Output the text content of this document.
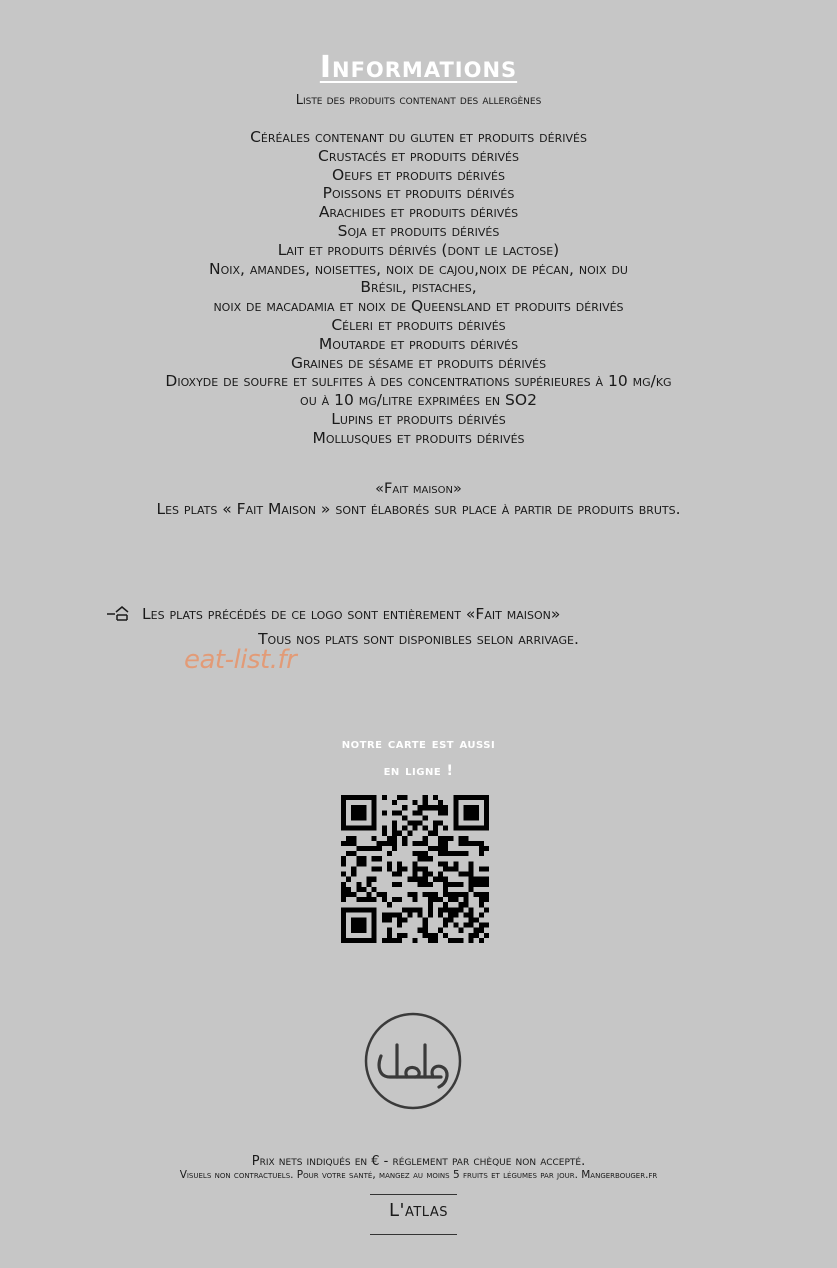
Informations
Liste des produits contenant des allergènes
Céréales contenant du gluten et produits dérivés
Crustacés et produits dérivés
Oeufs et produits dérivés
Poissons et produits dérivés
Arachides et produits dérivés
Soja et produits dérivés
Lait et produits dérivés (dont le lactose)
Noix, amandes, noisettes, noix de cajou,noix de pécan, noix du
Brésil, pistaches,
noix de macadamia et noix de Queensland et produits dérivés
Céleri et produits dérivés
Moutarde et produits dérivés
Graines de sésame et produits dérivés
Dioxyde de soufre et sulfites à des concentrations supérieures à 10 mg/kg
ou à 10 mg/litre exprimées en SO2
Lupins et produits dérivés
Mollusques et produits dérivés
«Fait maison»
Les plats « Fait Maison » sont élaborés sur place à partir de produits bruts.
Les plats précédés de ce logo sont entièrement «Fait maison»
Tous nos plats sont disponibles selon arrivage.
eat-list.fr
notre carte est aussi
en ligne !
Prix nets indiqués en € - réglement par chèque non accepté.
Visuels non contractuels. Pour votre santé, mangez au moins 5 fruits et légumes par jour. Mangerbouger.fr
L'atlas
